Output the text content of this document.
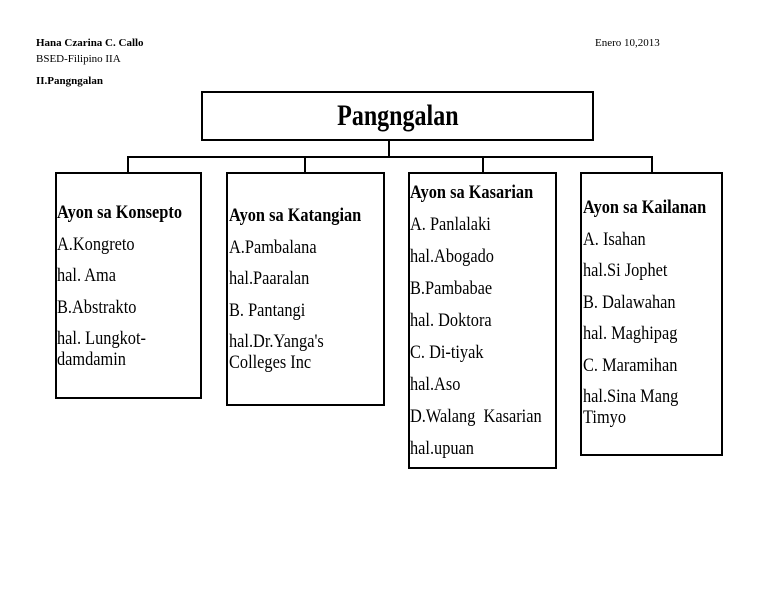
Hana Czarina C. Callo
BSED-Filipino IIA
II.Pangngalan
Enero 10,2013
Pangngalan
Ayon sa Konsepto
A.Kongreto
hal. Ama
B.Abstrakto
hal. Lungkot-
damdamin
Ayon sa Katangian
A.Pambalana
hal.Paaralan
B. Pantangi
hal.Dr.Yanga's
Colleges Inc
Ayon sa Kasarian
A. Panlalaki
hal.Abogado
B.Pambabae
hal. Doktora
C. Di-tiyak
hal.Aso
D.Walang  Kasarian
hal.upuan
Ayon sa Kailanan
A. Isahan
hal.Si Jophet
B. Dalawahan
hal. Maghipag
C. Maramihan
hal.Sina Mang
Timyo
